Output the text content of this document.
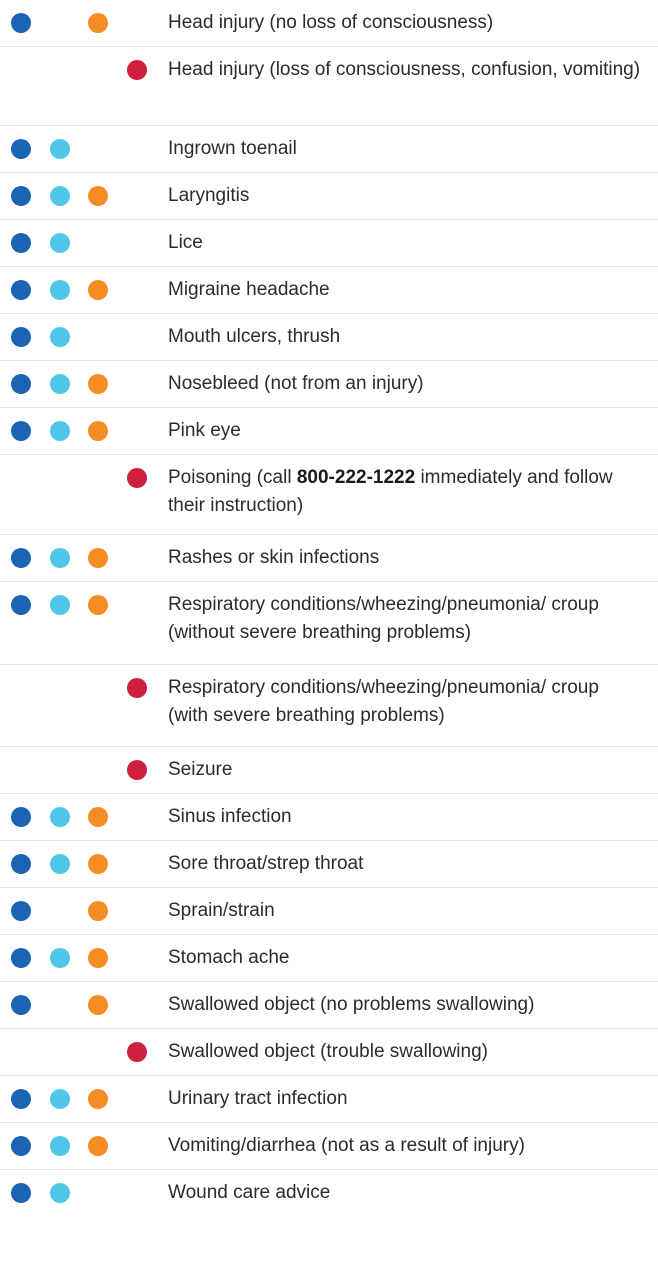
Head injury (no loss of consciousness)
Head injury (loss of consciousness, confusion, vomiting)
Ingrown toenail
Laryngitis
Lice
Migraine headache
Mouth ulcers, thrush
Nosebleed (not from an injury)
Pink eye
Poisoning (call 800-222-1222 immediately and follow their instruction)
Rashes or skin infections
Respiratory conditions/wheezing/pneumonia/ croup (without severe breathing problems)
Respiratory conditions/wheezing/pneumonia/ croup (with severe breathing problems)
Seizure
Sinus infection
Sore throat/strep throat
Sprain/strain
Stomach ache
Swallowed object (no problems swallowing)
Swallowed object (trouble swallowing)
Urinary tract infection
Vomiting/diarrhea (not as a result of injury)
Wound care advice
